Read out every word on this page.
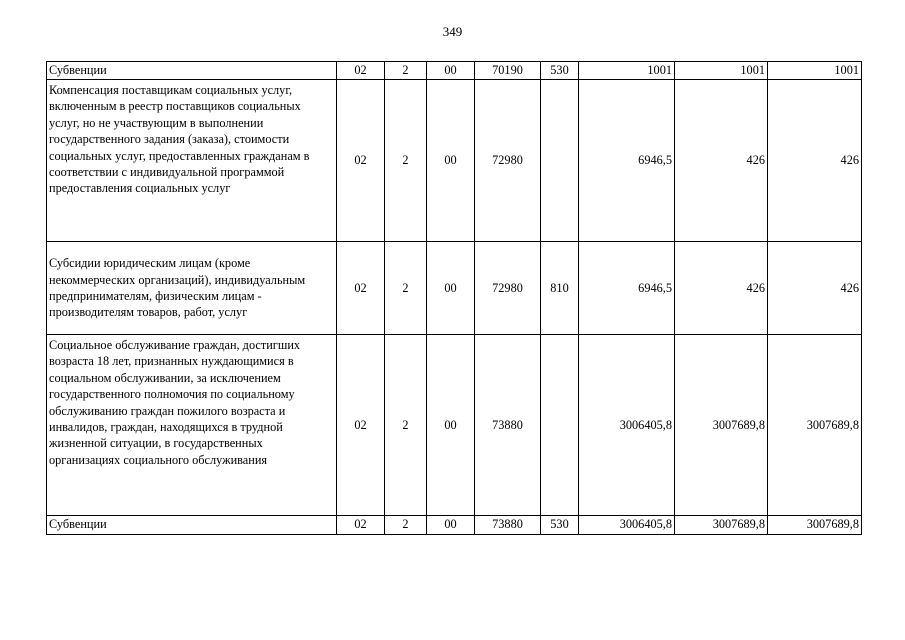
349
Субвенции	02	2	00	70190	530	1001	1001	1001
Компенсация поставщикам социальных услуг, включенным в реестр поставщиков социальных услуг, но не участвующим в выполнении государственного задания (заказа), стоимости социальных услуг, предоставленных гражданам в соответствии с индивидуальной программой предоставления социальных услуг	02	2	00	72980		6946,5	426	426
Субсидии юридическим лицам (кроме некоммерческих организаций), индивидуальным предпринимателям, физическим лицам - производителям товаров, работ, услуг	02	2	00	72980	810	6946,5	426	426
Социальное обслуживание граждан, достигших возраста 18 лет, признанных нуждающимися в социальном обслуживании, за исключением государственного полномочия по социальному обслуживанию граждан пожилого возраста и инвалидов, граждан, находящихся в трудной жизненной ситуации, в государственных организациях социального обслуживания	02	2	00	73880		3006405,8	3007689,8	3007689,8
Субвенции	02	2	00	73880	530	3006405,8	3007689,8	3007689,8
